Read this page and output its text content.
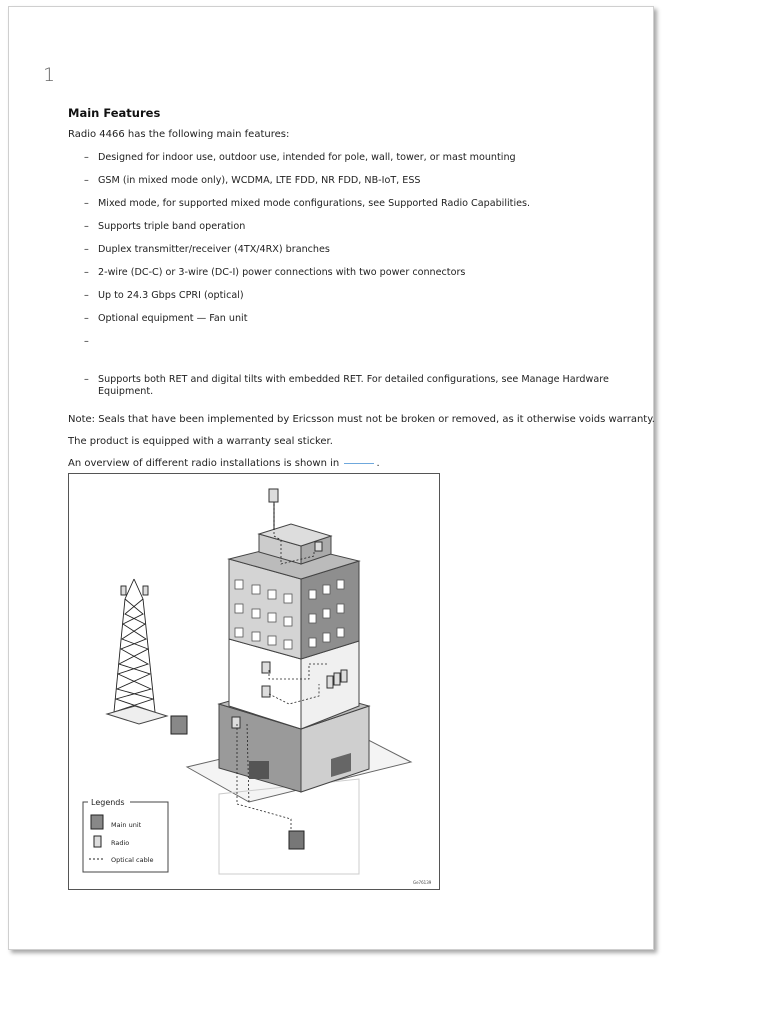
1
Main Features
Radio 4466 has the following main features:
– Designed for indoor use, outdoor use, intended for pole, wall, tower, or mast mounting
– GSM (in mixed mode only), WCDMA, LTE FDD, NR FDD, NB-IoT, ESS
– Mixed mode, for supported mixed mode configurations, see Supported Radio Capabilities.
– Supports triple band operation
– Duplex transmitter/receiver (4TX/4RX) branches
– 2-wire (DC-C) or 3-wire (DC-I) power connections with two power connectors
– Up to 24.3 Gbps CPRI (optical)
– Optional equipment — Fan unit
–

– Supports both RET and digital tilts with embedded RET. For detailed configurations, see Manage Hardware Equipment.
Note: Seals that have been implemented by Ericsson must not be broken or removed, as it otherwise voids warranty.
The product is equipped with a warranty seal sticker.
An overview of different radio installations is shown in	.
Legends
Main unit
Radio
Optical cable
Ge76139
